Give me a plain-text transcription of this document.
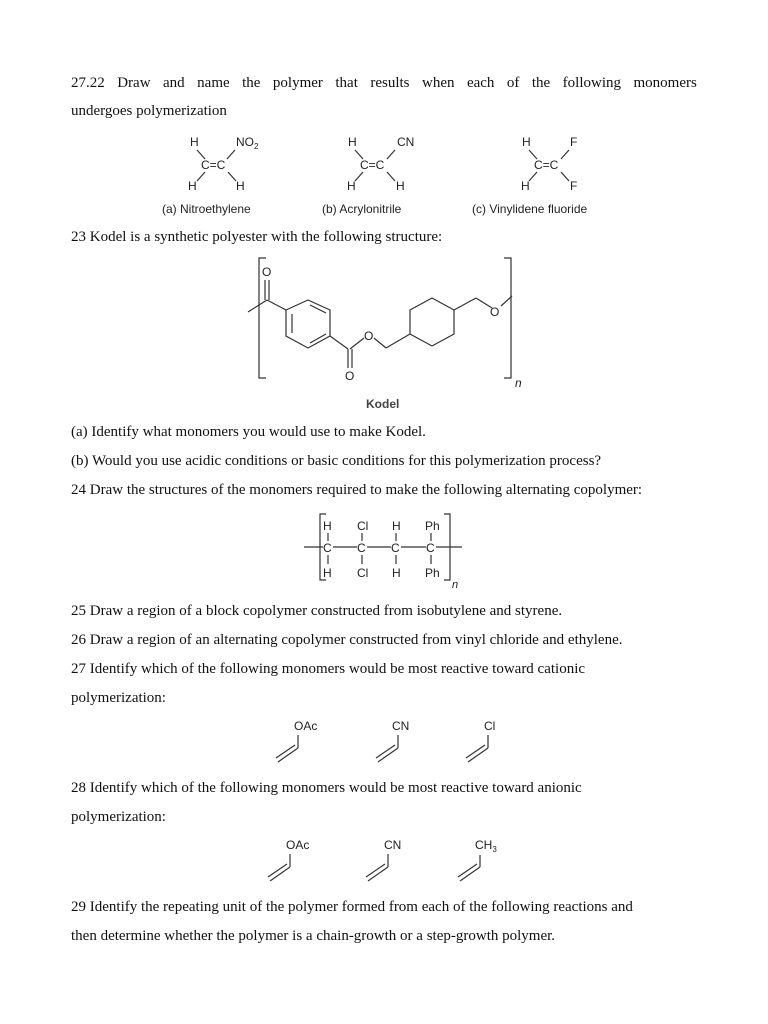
27.22 Draw and name the polymer that results when each of the following monomers
undergoes polymerization
H	$NO_2$
C=C
H	H
(a) Nitroethylene
H	CN
C=C
H	H
(b) Acrylonitrile
H	F
C=C
H	F
(c) Vinylidene fluoride
23 Kodel is a synthetic polyester with the following structure:
n
O
O
O
O
Kodel
(a) Identify what monomers you would use to make Kodel.
(b) Would you use acidic conditions or basic conditions for this polymerization process?
24 Draw the structures of the monomers required to make the following alternating copolymer:
n
H Cl H Ph
C C C C
H Cl H Ph
25 Draw a region of a block copolymer constructed from isobutylene and styrene.
26 Draw a region of an alternating copolymer constructed from vinyl chloride and ethylene.
27 Identify which of the following monomers would be most reactive toward cationic
polymerization:
OAc	CN	Cl
28 Identify which of the following monomers would be most reactive toward anionic
polymerization:
OAc	CN	$CH_3$
29 Identify the repeating unit of the polymer formed from each of the following reactions and
then determine whether the polymer is a chain-growth or a step-growth polymer.
